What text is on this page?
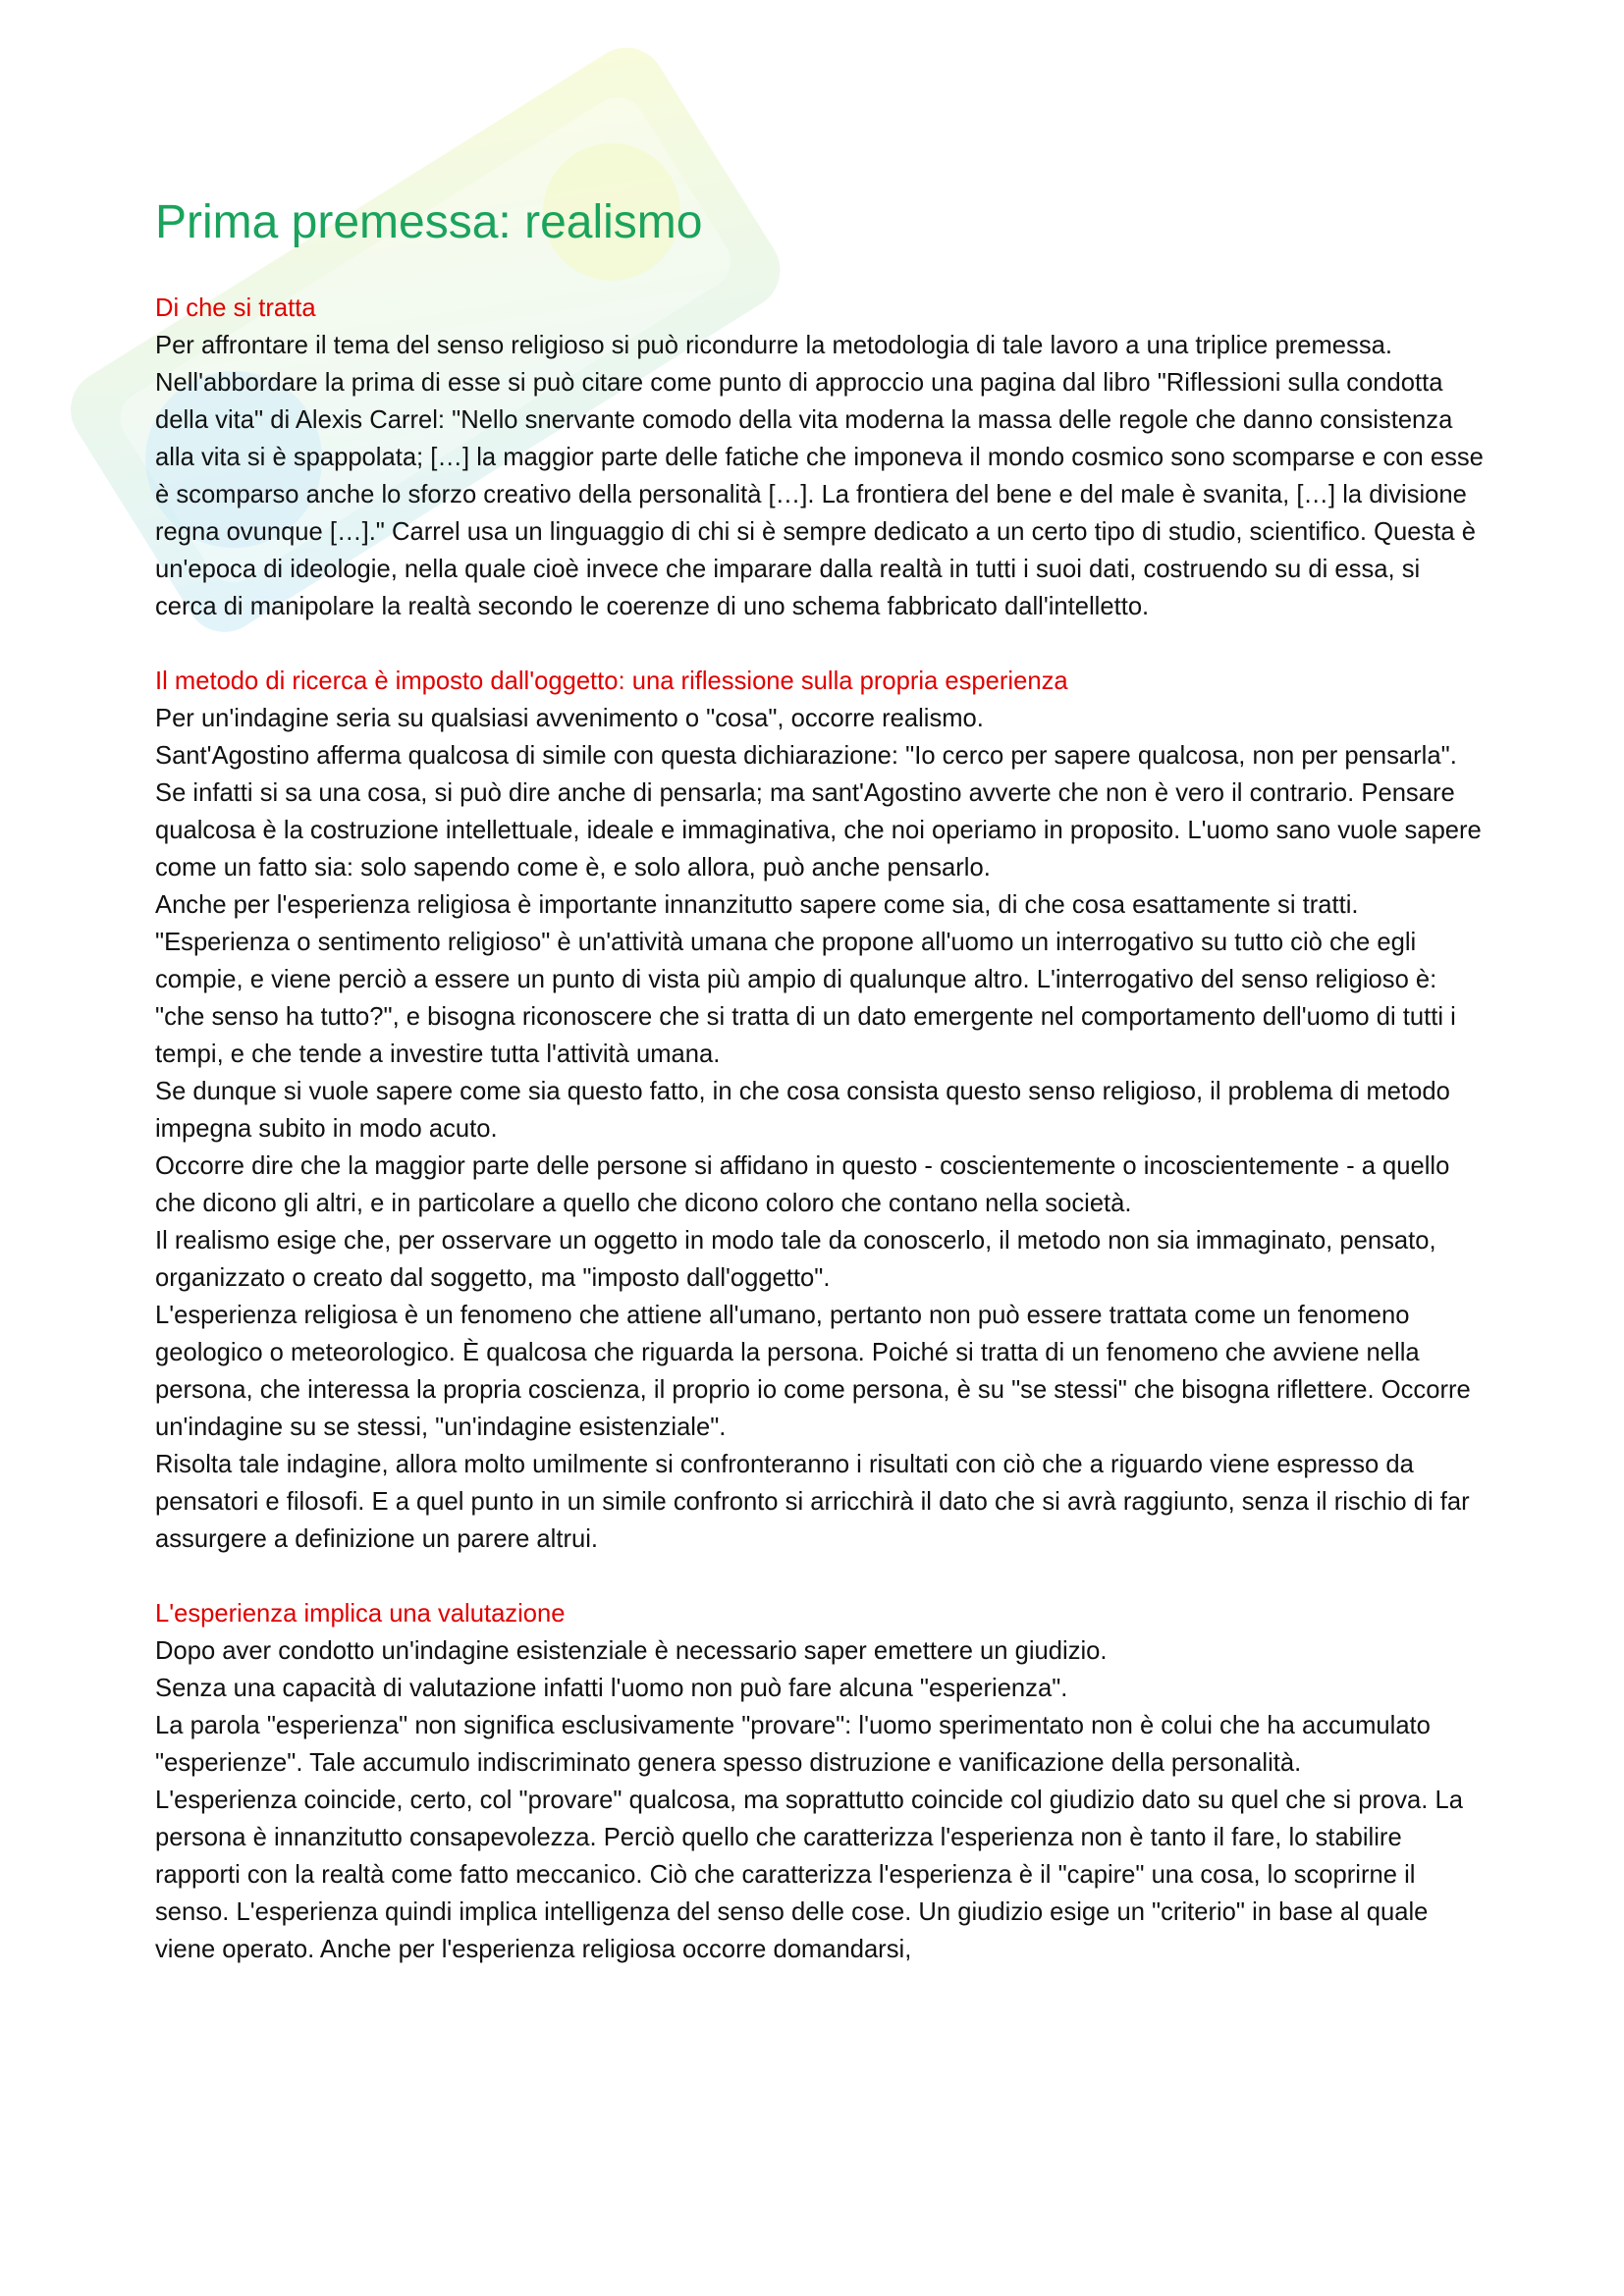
Prima premessa: realismo

Di che si tratta

Per affrontare il tema del senso religioso si può ricondurre la metodologia di tale lavoro a una triplice premessa.

Nell'abbordare la prima di esse si può citare come punto di approccio una pagina dal libro "Riflessioni sulla condotta della vita" di Alexis Carrel: "Nello snervante comodo della vita moderna la massa delle regole che danno consistenza alla vita si è spappolata; […] la maggior parte delle fatiche che imponeva il mondo cosmico sono scomparse e con esse è scomparso anche lo sforzo creativo della personalità […]. La frontiera del bene e del male è svanita, […] la divisione regna ovunque […]." Carrel usa un linguaggio di chi si è sempre dedicato a un certo tipo di studio, scientifico. Questa è un'epoca di ideologie, nella quale cioè invece che imparare dalla realtà in tutti i suoi dati, costruendo su di essa, si cerca di manipolare la realtà secondo le coerenze di uno schema fabbricato dall'intelletto.

Il metodo di ricerca è imposto dall'oggetto: una riflessione sulla propria esperienza

Per un'indagine seria su qualsiasi avvenimento o "cosa", occorre realismo.

Sant'Agostino afferma qualcosa di simile con questa dichiarazione: "Io cerco per sapere qualcosa, non per pensarla". Se infatti si sa una cosa, si può dire anche di pensarla; ma sant'Agostino avverte che non è vero il contrario. Pensare qualcosa è la costruzione intellettuale, ideale e immaginativa, che noi operiamo in proposito. L'uomo sano vuole sapere come un fatto sia: solo sapendo come è, e solo allora, può anche pensarlo.

Anche per l'esperienza religiosa è importante innanzitutto sapere come sia, di che cosa esattamente si tratti.

"Esperienza o sentimento religioso" è un'attività umana che propone all'uomo un interrogativo su tutto ciò che egli compie, e viene perciò a essere un punto di vista più ampio di qualunque altro. L'interrogativo del senso religioso è: "che senso ha tutto?", e bisogna riconoscere che si tratta di un dato emergente nel comportamento dell'uomo di tutti i tempi, e che tende a investire tutta l'attività umana.

Se dunque si vuole sapere come sia questo fatto, in che cosa consista questo senso religioso, il problema di metodo impegna subito in modo acuto.

Occorre dire che la maggior parte delle persone si affidano in questo - coscientemente o incoscientemente - a quello che dicono gli altri, e in particolare a quello che dicono coloro che contano nella società.

Il realismo esige che, per osservare un oggetto in modo tale da conoscerlo, il metodo non sia immaginato, pensato, organizzato o creato dal soggetto, ma "imposto dall'oggetto".

L'esperienza religiosa è un fenomeno che attiene all'umano, pertanto non può essere trattata come un fenomeno geologico o meteorologico. È qualcosa che riguarda la persona. Poiché si tratta di un fenomeno che avviene nella persona, che interessa la propria coscienza, il proprio io come persona, è su "se stessi" che bisogna riflettere. Occorre un'indagine su se stessi, "un'indagine esistenziale".

Risolta tale indagine, allora molto umilmente si confronteranno i risultati con ciò che a riguardo viene espresso da pensatori e filosofi. E a quel punto in un simile confronto si arricchirà il dato che si avrà raggiunto, senza il rischio di far assurgere a definizione un parere altrui.

L'esperienza implica una valutazione

Dopo aver condotto un'indagine esistenziale è necessario saper emettere un giudizio.

Senza una capacità di valutazione infatti l'uomo non può fare alcuna "esperienza".

La parola "esperienza" non significa esclusivamente "provare": l'uomo sperimentato non è colui che ha accumulato "esperienze". Tale accumulo indiscriminato genera spesso distruzione e vanificazione della personalità.

L'esperienza coincide, certo, col "provare" qualcosa, ma soprattutto coincide col giudizio dato su quel che si prova. La persona è innanzitutto consapevolezza. Perciò quello che caratterizza l'esperienza non è tanto il fare, lo stabilire rapporti con la realtà come fatto meccanico. Ciò che caratterizza l'esperienza è il "capire" una cosa, lo scoprirne il senso. L'esperienza quindi implica intelligenza del senso delle cose. Un giudizio esige un "criterio" in base al quale viene operato. Anche per l'esperienza religiosa occorre domandarsi,
